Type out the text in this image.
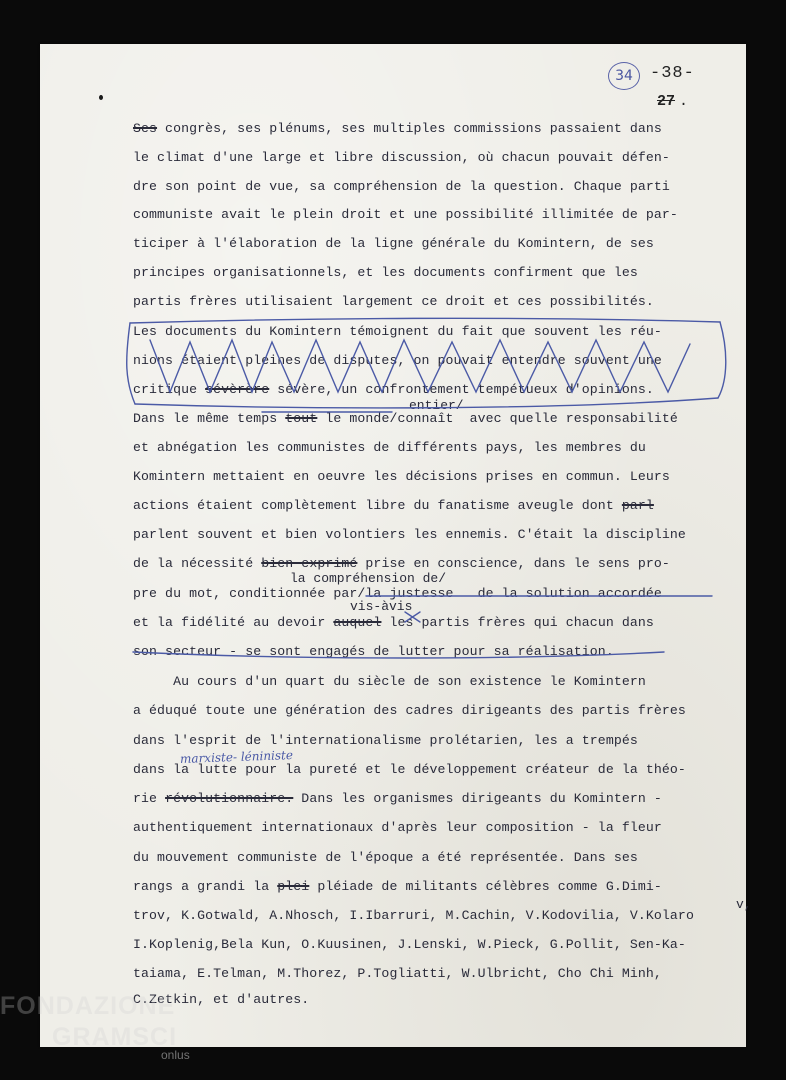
34	-38-
27 .
Ses congrès, ses plénums, ses multiples commissions passaient dans
le climat d'une large et libre discussion, où chacun pouvait défen-
dre son point de vue, sa compréhension de la question. Chaque parti
communiste avait le plein droit et une possibilité illimitée de par-
ticiper à l'élaboration de la ligne générale du Komintern, de ses
principes organisationnels, et les documents confirment que les
partis frères utilisaient largement ce droit et ces possibilités.
Les documents du Komintern témoignent du fait que souvent les réu-
nions étaient pleines de disputes, on pouvait entendre souvent une
critique sévèrère sévère, un confrontement tempétueux d'opinions.
Dans le même temps tout le monde/connaît  avec quelle responsabilité
et abnégation les communistes de différents pays, les membres du
Komintern mettaient en oeuvre les décisions prises en commun. Leurs
actions étaient complètement libre du fanatisme aveugle dont parl
parlent souvent et bien volontiers les ennemis. C'était la discipline
de la nécessité bien exprimé prise en conscience, dans le sens pro-
pre du mot, conditionnée par/la justesse   de la solution accordée
et la fidélité au devoir auquel les partis frères qui chacun dans
son secteur - se sont engagés de lutter pour sa réalisation.
Au cours d'un quart du siècle de son existence le Komintern
a éduqué toute une génération des cadres dirigeants des partis frères
dans l'esprit de l'internationalisme prolétarien, les a trempés
dans la lutte pour la pureté et le développement créateur de la théo-
rie révolutionnaire. Dans les organismes dirigeants du Komintern -
authentiquement internationaux d'après leur composition - la fleur
du mouvement communiste de l'époque a été représentée. Dans ses
rangs a grandi la plei pléiade de militants célèbres comme G.Dimi-
trov, K.Gotwald, A.Nhosch, I.Ibarruri, M.Cachin, V.Kodovilia, V.Kolaro
I.Koplenig,Bela Kun, O.Kuusinen, J.Lenski, W.Pieck, G.Pollit, Sen-Ka-
taiama, E.Telman, M.Thorez, P.Togliatti, W.Ulbricht, Cho Chi Minh,
C.Zetkin, et d'autres.
entier/
la compréhension de/
vis-àvis
marxiste- léniniste
v,
FONDAZIONE
GRAMSCI
onlus
